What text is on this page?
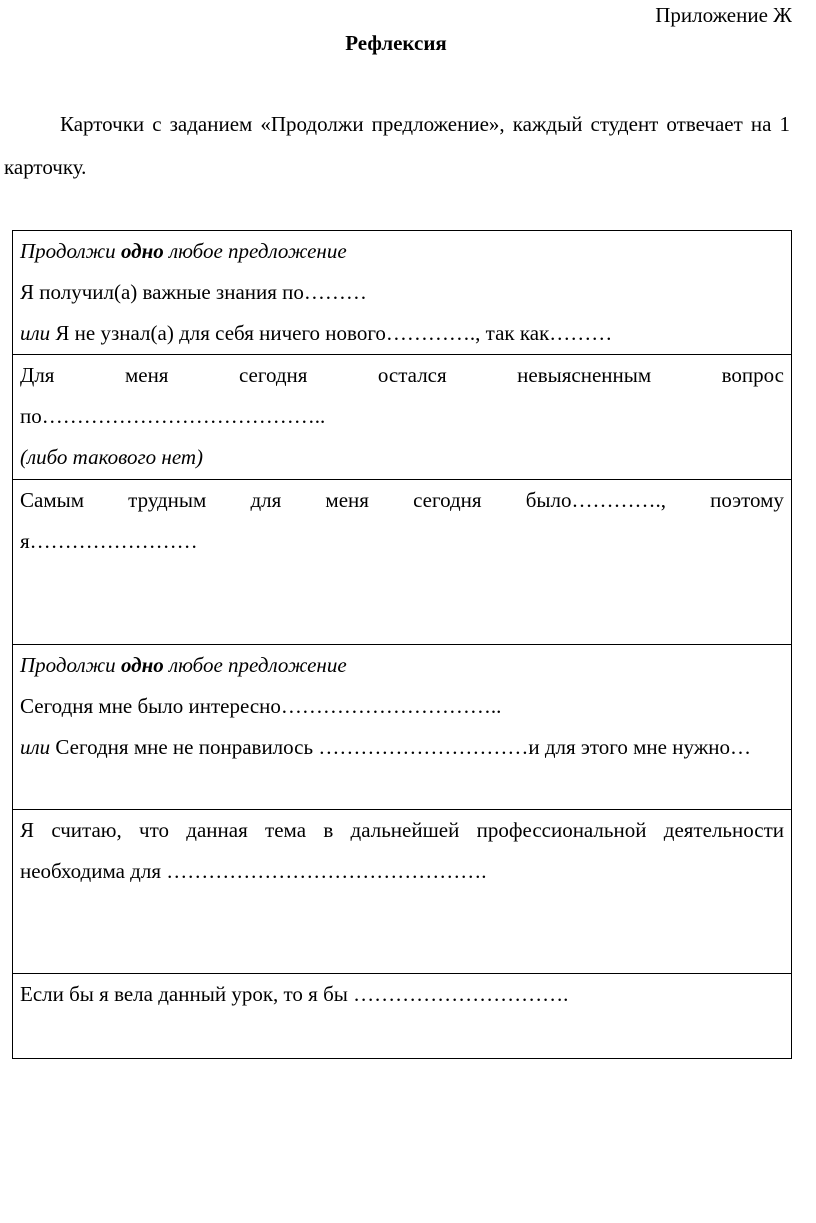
Приложение Ж
Рефлексия
Карточки с заданием «Продолжи предложение», каждый студент отвечает на 1 карточку.
Продолжи одно любое предложение
Я получил(а) важные знания по………
или Я не узнал(а) для себя ничего нового…………., так как………

Для	меня	сегодня	остался	невыясненным	вопрос
по…………………………………..
(либо такового нет)

Самым трудным для меня сегодня было…………., поэтому
я……………………

Продолжи одно любое предложение
Сегодня мне было интересно…………………………..
или Сегодня мне не понравилось …………………………и для этого мне нужно…

Я считаю, что данная тема в дальнейшей профессиональной деятельности необходима для ……………………………………….

Если бы я вела данный урок, то я бы ………………………….
